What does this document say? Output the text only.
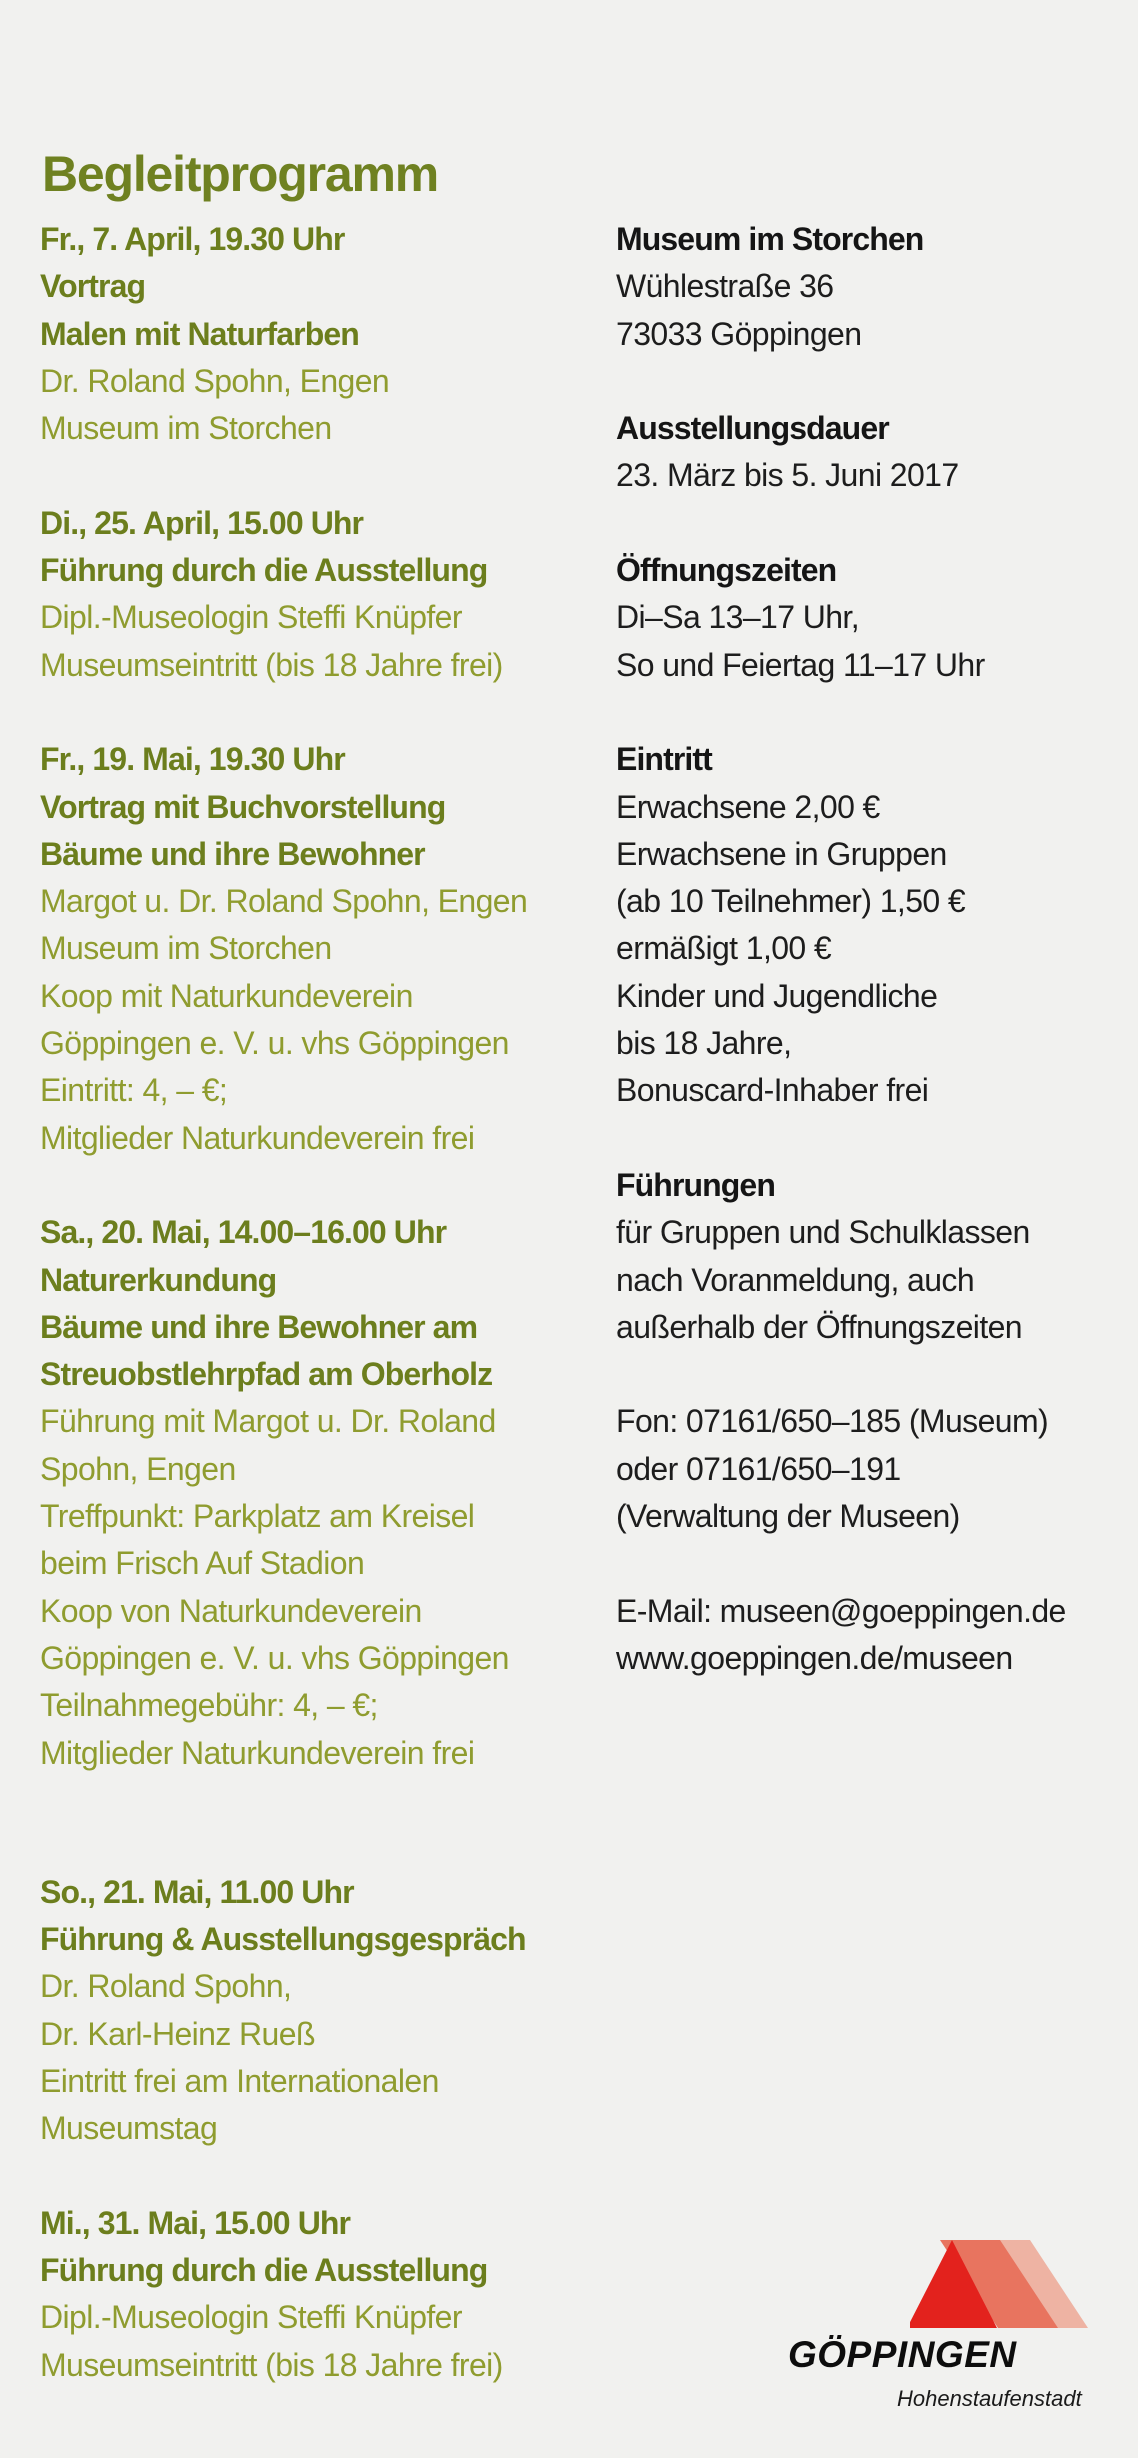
Begleitprogramm
Fr., 7. April, 19.30 Uhr
Vortrag
Malen mit Naturfarben
Dr. Roland Spohn, Engen
Museum im Storchen
Di., 25. April, 15.00 Uhr
Führung durch die Ausstellung
Dipl.-Museologin Steffi Knüpfer
Museumseintritt (bis 18 Jahre frei)
Fr., 19. Mai, 19.30 Uhr
Vortrag mit Buchvorstellung
Bäume und ihre Bewohner
Margot u. Dr. Roland Spohn, Engen
Museum im Storchen
Koop mit Naturkundeverein
Göppingen e. V. u. vhs Göppingen
Eintritt: 4, – €;
Mitglieder Naturkundeverein frei
Sa., 20. Mai, 14.00–16.00 Uhr
Naturerkundung
Bäume und ihre Bewohner am
Streuobstlehrpfad am Oberholz
Führung mit Margot u. Dr. Roland
Spohn, Engen
Treffpunkt: Parkplatz am Kreisel
beim Frisch Auf Stadion
Koop von Naturkundeverein
Göppingen e. V. u. vhs Göppingen
Teilnahmegebühr: 4, – €;
Mitglieder Naturkundeverein frei
So., 21. Mai, 11.00 Uhr
Führung & Ausstellungsgespräch
Dr. Roland Spohn,
Dr. Karl-Heinz Rueß
Eintritt frei am Internationalen
Museumstag
Mi., 31. Mai, 15.00 Uhr
Führung durch die Ausstellung
Dipl.-Museologin Steffi Knüpfer
Museumseintritt (bis 18 Jahre frei)
Museum im Storchen
Wühlestraße 36
73033 Göppingen
Ausstellungsdauer
23. März bis 5. Juni 2017
Öffnungszeiten
Di–Sa 13–17 Uhr,
So und Feiertag 11–17 Uhr
Eintritt
Erwachsene 2,00 €
Erwachsene in Gruppen
(ab 10 Teilnehmer) 1,50 €
ermäßigt 1,00 €
Kinder und Jugendliche
bis 18 Jahre,
Bonuscard-Inhaber frei
Führungen
für Gruppen und Schulklassen
nach Voranmeldung, auch
außerhalb der Öffnungszeiten
Fon: 07161/650–185 (Museum)
oder 07161/650–191
(Verwaltung der Museen)
E-Mail: museen@goeppingen.de
www.goeppingen.de/museen
GÖPPINGEN
Hohenstaufenstadt
